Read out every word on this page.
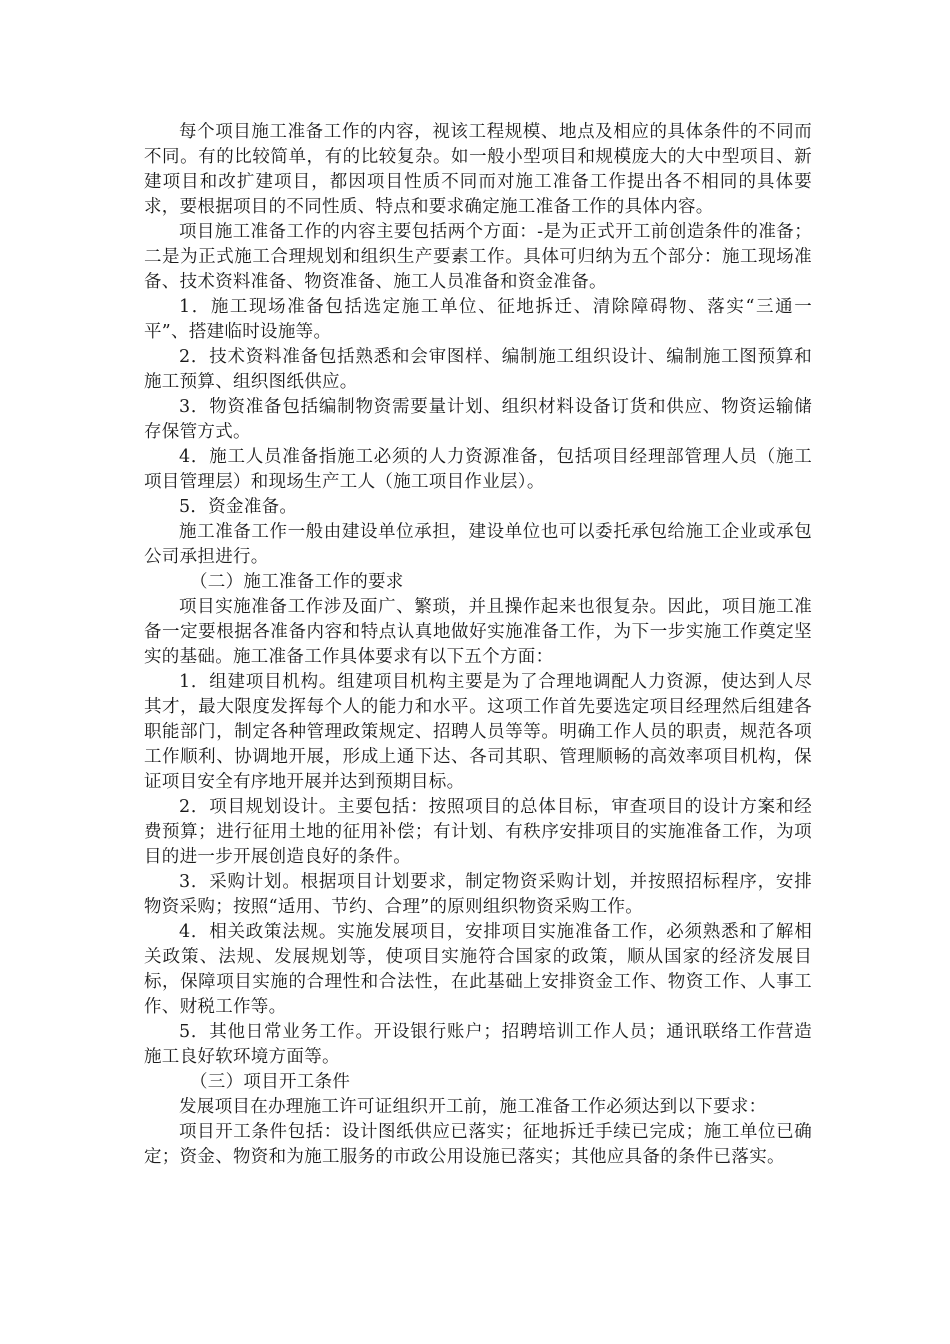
每个项目施工准备工作的内容，视该工程规模、地点及相应的具体条件的不同而不同。有的比较简单，有的比较复杂。如一般小型项目和规模庞大的大中型项目、新建项目和改扩建项目，都因项目性质不同而对施工准备工作提出各不相同的具体要求，要根据项目的不同性质、特点和要求确定施工准备工作的具体内容。

项目施工准备工作的内容主要包括两个方面：-是为正式开工前创造条件的准备；二是为正式施工合理规划和组织生产要素工作。具体可归纳为五个部分：施工现场准备、技术资料准备、物资准备、施工人员准备和资金准备。

1．施工现场准备包括选定施工单位、征地拆迁、清除障碍物、落实“三通一平”、搭建临时设施等。

2．技术资料准备包括熟悉和会审图样、编制施工组织设计、编制施工图预算和施工预算、组织图纸供应。

3．物资准备包括编制物资需要量计划、组织材料设备订货和供应、物资运输储存保管方式。

4．施工人员准备指施工必须的人力资源准备，包括项目经理部管理人员（施工项目管理层）和现场生产工人（施工项目作业层）。

5．资金准备。

施工准备工作一般由建设单位承担，建设单位也可以委托承包给施工企业或承包公司承担进行。

（二）施工准备工作的要求

项目实施准备工作涉及面广、繁琐，并且操作起来也很复杂。因此，项目施工准备一定要根据各准备内容和特点认真地做好实施准备工作，为下一步实施工作奠定坚实的基础。施工准备工作具体要求有以下五个方面：

1．组建项目机构。组建项目机构主要是为了合理地调配人力资源，使达到人尽其才，最大限度发挥每个人的能力和水平。这项工作首先要选定项目经理然后组建各职能部门，制定各种管理政策规定、招聘人员等等。明确工作人员的职责，规范各项工作顺利、协调地开展，形成上通下达、各司其职、管理顺畅的高效率项目机构，保证项目安全有序地开展并达到预期目标。

2．项目规划设计。主要包括：按照项目的总体目标，审查项目的设计方案和经费预算；进行征用土地的征用补偿；有计划、有秩序安排项目的实施准备工作，为项目的进一步开展创造良好的条件。

3．采购计划。根据项目计划要求，制定物资采购计划，并按照招标程序，安排物资采购；按照“适用、节约、合理”的原则组织物资采购工作。

4．相关政策法规。实施发展项目，安排项目实施准备工作，必须熟悉和了解相关政策、法规、发展规划等，使项目实施符合国家的政策，顺从国家的经济发展目标，保障项目实施的合理性和合法性，在此基础上安排资金工作、物资工作、人事工作、财税工作等。

5．其他日常业务工作。开设银行账户；招聘培训工作人员；通讯联络工作营造施工良好软环境方面等。

（三）项目开工条件

发展项目在办理施工许可证组织开工前，施工准备工作必须达到以下要求：

项目开工条件包括：设计图纸供应已落实；征地拆迁手续已完成；施工单位已确定；资金、物资和为施工服务的市政公用设施已落实；其他应具备的条件已落实。
